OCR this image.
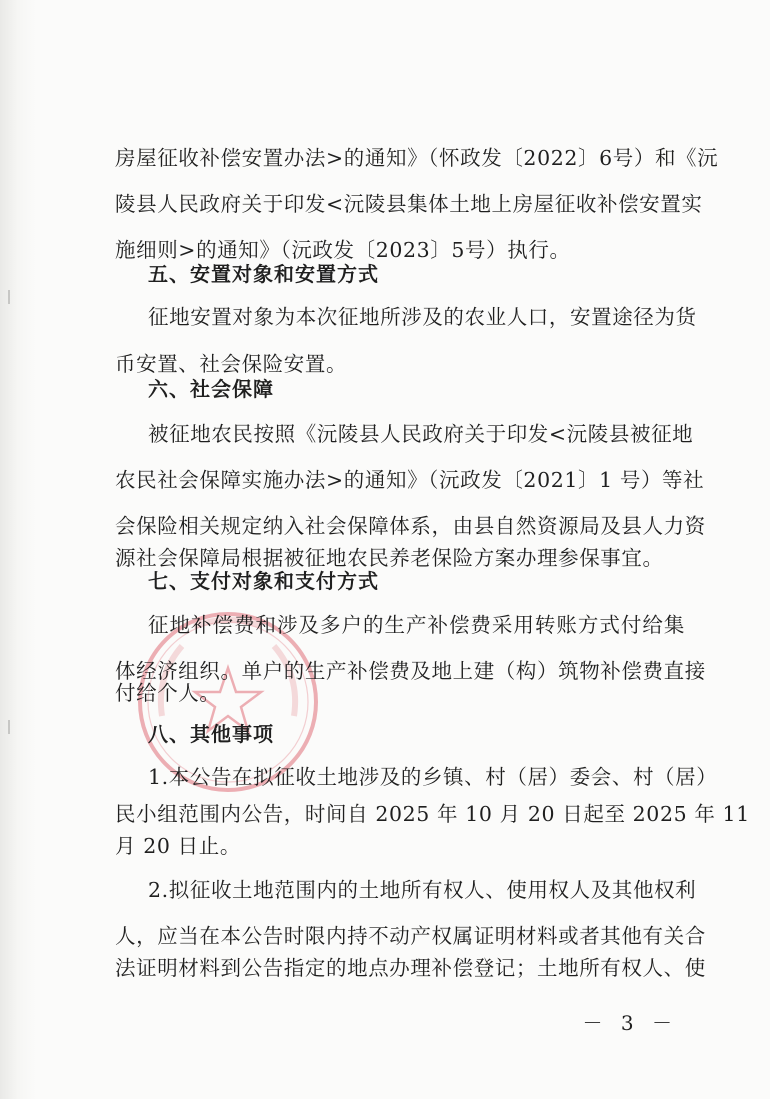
房屋征收补偿安置办法>的通知》（怀政发〔2022〕6号）和《沅
陵县人民政府关于印发<沅陵县集体土地上房屋征收补偿安置实
施细则>的通知》（沅政发〔2023〕5号）执行。
五、安置对象和安置方式
征地安置对象为本次征地所涉及的农业人口，安置途径为货
币安置、社会保险安置。
六、社会保障
被征地农民按照《沅陵县人民政府关于印发<沅陵县被征地
农民社会保障实施办法>的通知》（沅政发〔2021〕1 号）等社
会保险相关规定纳入社会保障体系，由县自然资源局及县人力资
源社会保障局根据被征地农民养老保险方案办理参保事宜。
七、支付对象和支付方式
征地补偿费和涉及多户的生产补偿费采用转账方式付给集
体经济组织。单户的生产补偿费及地上建（构）筑物补偿费直接
付给个人。
八、其他事项
1.本公告在拟征收土地涉及的乡镇、村（居）委会、村（居）
民小组范围内公告，时间自 2025 年 10 月 20 日起至 2025 年 11
月 20 日止。
2.拟征收土地范围内的土地所有权人、使用权人及其他权利
人，应当在本公告时限内持不动产权属证明材料或者其他有关合
法证明材料到公告指定的地点办理补偿登记；土地所有权人、使
－ 3 －
